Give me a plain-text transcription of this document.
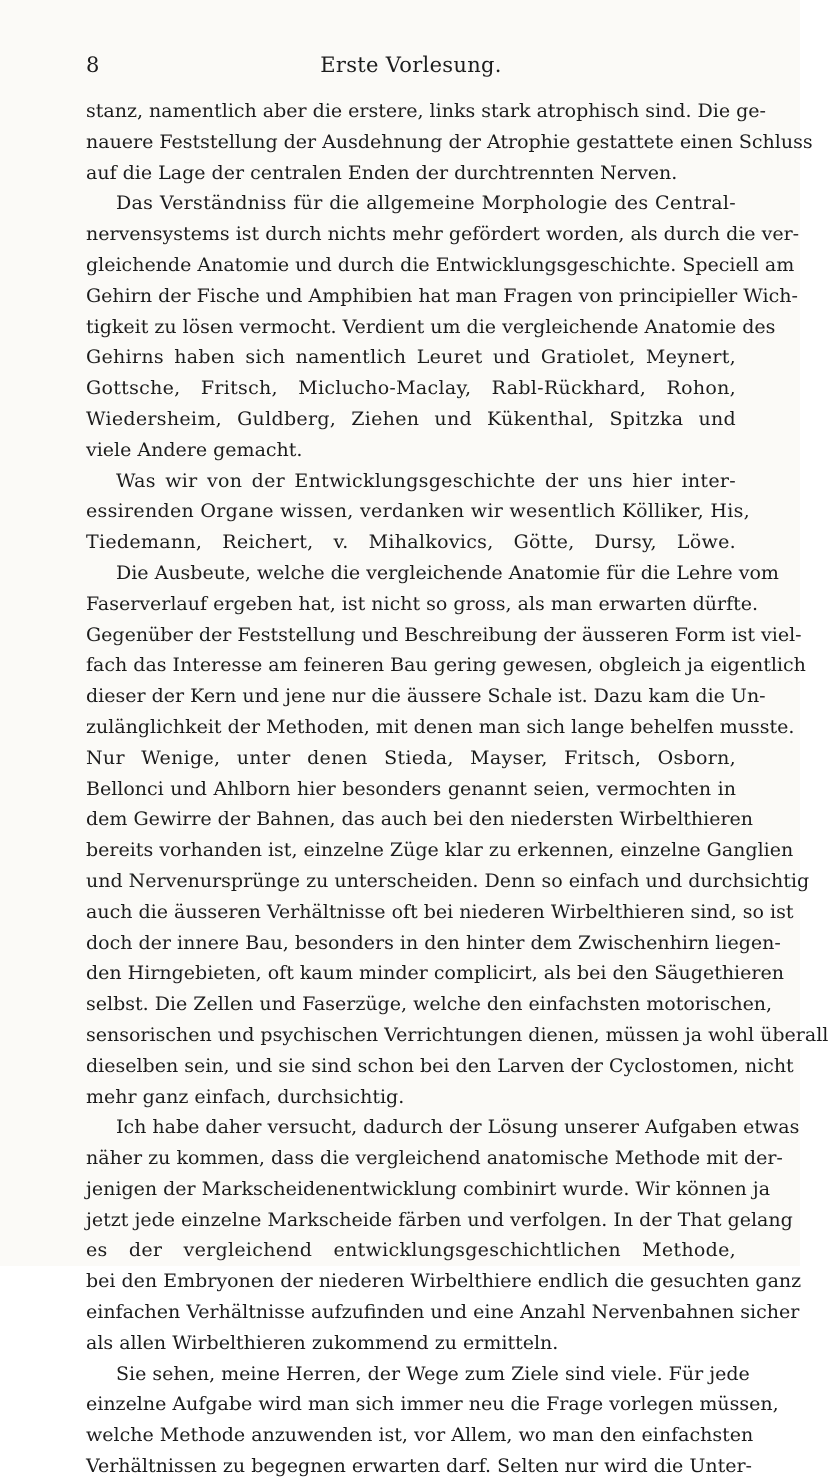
8	Erste Vorlesung.
stanz, namentlich aber die erstere, links stark atrophisch sind. Die ge-
nauere Feststellung der Ausdehnung der Atrophie gestattete einen Schluss
auf die Lage der centralen Enden der durchtrennten Nerven.
Das Verständniss für die allgemeine Morphologie des Central-
nervensystems ist durch nichts mehr gefördert worden, als durch die ver-
gleichende Anatomie und durch die Entwicklungsgeschichte. Speciell am
Gehirn der Fische und Amphibien hat man Fragen von principieller Wich-
tigkeit zu lösen vermocht. Verdient um die vergleichende Anatomie des
Gehirns haben sich namentlich Leuret und Gratiolet, Meynert,
Gottsche, Fritsch, Miclucho-Maclay, Rabl-Rückhard, Rohon,
Wiedersheim, Guldberg, Ziehen und Kükenthal, Spitzka und
viele Andere gemacht.
Was wir von der Entwicklungsgeschichte der uns hier inter-
essirenden Organe wissen, verdanken wir wesentlich Kölliker, His,
Tiedemann, Reichert, v. Mihalkovics, Götte, Dursy, Löwe.
Die Ausbeute, welche die vergleichende Anatomie für die Lehre vom
Faserverlauf ergeben hat, ist nicht so gross, als man erwarten dürfte.
Gegenüber der Feststellung und Beschreibung der äusseren Form ist viel-
fach das Interesse am feineren Bau gering gewesen, obgleich ja eigentlich
dieser der Kern und jene nur die äussere Schale ist. Dazu kam die Un-
zulänglichkeit der Methoden, mit denen man sich lange behelfen musste.
Nur Wenige, unter denen Stieda, Mayser, Fritsch, Osborn,
Bellonci und Ahlborn hier besonders genannt seien, vermochten in
dem Gewirre der Bahnen, das auch bei den niedersten Wirbelthieren
bereits vorhanden ist, einzelne Züge klar zu erkennen, einzelne Ganglien
und Nervenursprünge zu unterscheiden. Denn so einfach und durchsichtig
auch die äusseren Verhältnisse oft bei niederen Wirbelthieren sind, so ist
doch der innere Bau, besonders in den hinter dem Zwischenhirn liegen-
den Hirngebieten, oft kaum minder complicirt, als bei den Säugethieren
selbst. Die Zellen und Faserzüge, welche den einfachsten motorischen,
sensorischen und psychischen Verrichtungen dienen, müssen ja wohl überall
dieselben sein, und sie sind schon bei den Larven der Cyclostomen, nicht
mehr ganz einfach, durchsichtig.
Ich habe daher versucht, dadurch der Lösung unserer Aufgaben etwas
näher zu kommen, dass die vergleichend anatomische Methode mit der-
jenigen der Markscheidenentwicklung combinirt wurde. Wir können ja
jetzt jede einzelne Markscheide färben und verfolgen. In der That gelang
es der vergleichend entwicklungsgeschichtlichen Methode,
bei den Embryonen der niederen Wirbelthiere endlich die gesuchten ganz
einfachen Verhältnisse aufzufinden und eine Anzahl Nervenbahnen sicher
als allen Wirbelthieren zukommend zu ermitteln.
Sie sehen, meine Herren, der Wege zum Ziele sind viele. Für jede
einzelne Aufgabe wird man sich immer neu die Frage vorlegen müssen,
welche Methode anzuwenden ist, vor Allem, wo man den einfachsten
Verhältnissen zu begegnen erwarten darf. Selten nur wird die Unter-
